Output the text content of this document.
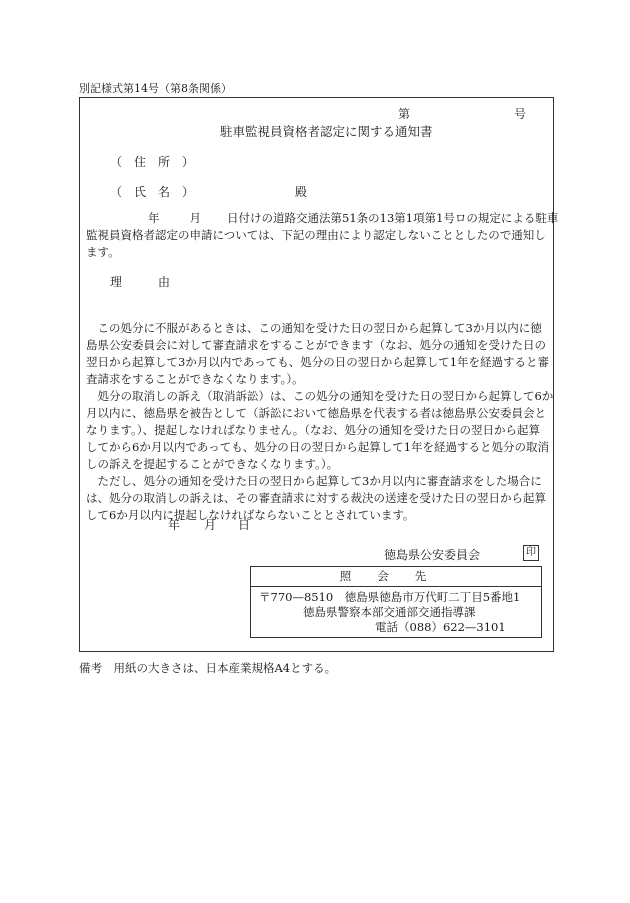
別記様式第14号（第8条関係）
第	号
駐車監視員資格者認定に関する通知書
（　住　所　）
（　氏　名　）	殿
年	月 日付けの道路交通法第51条の13第1項第1号ロの規定による駐車
監視員資格者認定の申請については、下記の理由により認定しないこととしたので通知し
ます。
理　　　由
　この処分に不服があるときは、この通知を受けた日の翌日から起算して3か月以内に徳
島県公安委員会に対して審査請求をすることができます（なお、処分の通知を受けた日の
翌日から起算して3か月以内であっても、処分の日の翌日から起算して1年を経過すると審
査請求をすることができなくなります。）。
　処分の取消しの訴え（取消訴訟）は、この処分の通知を受けた日の翌日から起算して6か
月以内に、徳島県を被告として（訴訟において徳島県を代表する者は徳島県公安委員会と
なります。）、提起しなければなりません。（なお、処分の通知を受けた日の翌日から起算
してから6か月以内であっても、処分の日の翌日から起算して1年を経過すると処分の取消
しの訴えを提起することができなくなります。）。
　ただし、処分の通知を受けた日の翌日から起算して3か月以内に審査請求をした場合に
は、処分の取消しの訴えは、その審査請求に対する裁決の送達を受けた日の翌日から起算
して6か月以内に提起しなければならないこととされています。
年 月 日
徳島県公安委員会	印
照会先
〒770—8510　徳島県徳島市万代町二丁目5番地1
徳島県警察本部交通部交通指導課
電話（088）622—3101
備考　用紙の大きさは、日本産業規格A4とする。
